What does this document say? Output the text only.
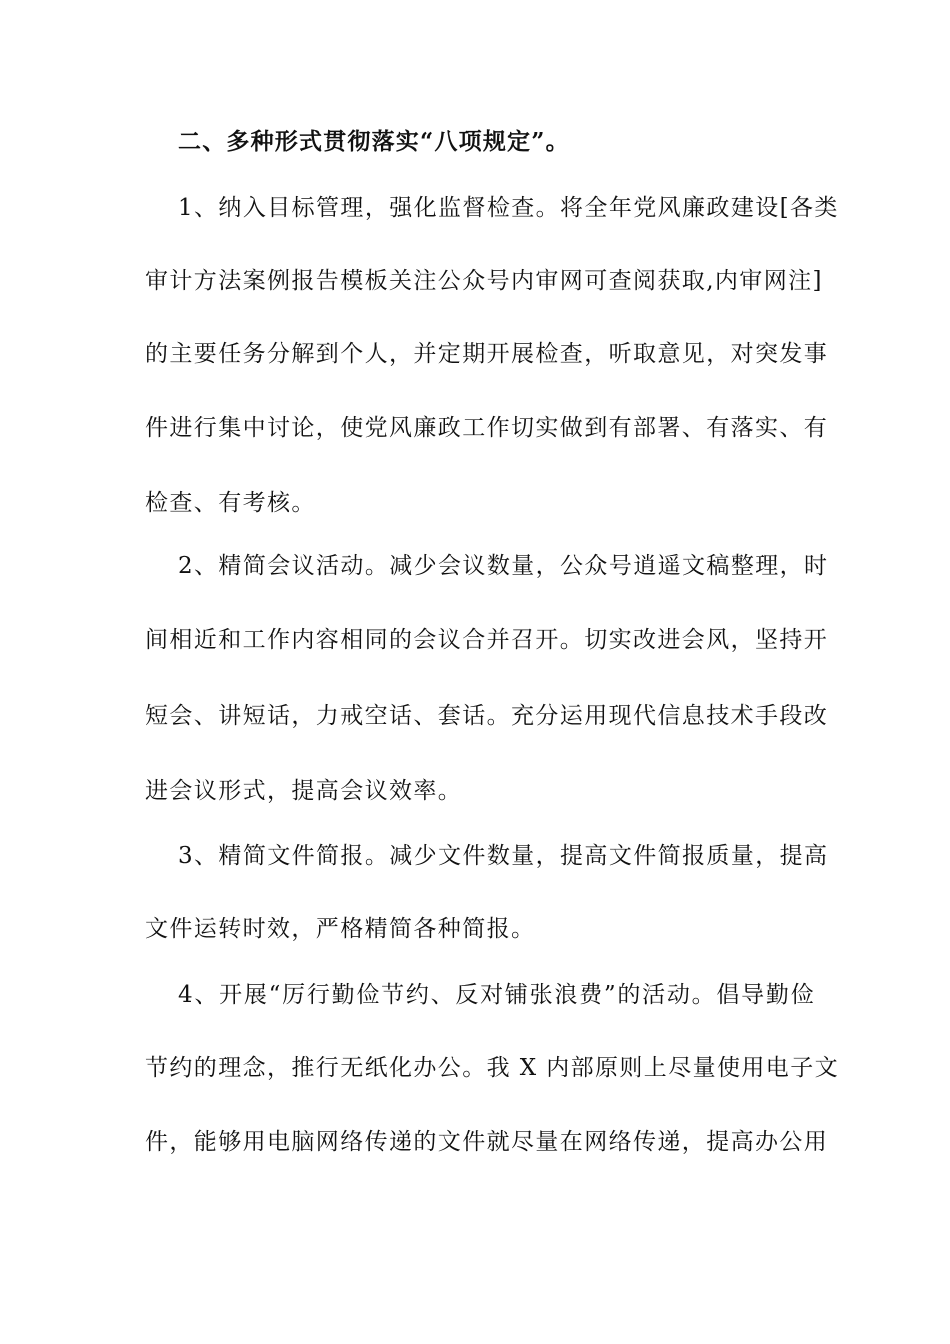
二、多种形式贯彻落实“八项规定”。
1、纳入目标管理，强化监督检查。将全年党风廉政建设[各类
审计方法案例报告模板关注公众号内审网可查阅获取,内审网注]
的主要任务分解到个人，并定期开展检查，听取意见，对突发事
件进行集中讨论，使党风廉政工作切实做到有部署、有落实、有
检查、有考核。
2、精简会议活动。减少会议数量，公众号逍遥文稿整理，时
间相近和工作内容相同的会议合并召开。切实改进会风，坚持开
短会、讲短话，力戒空话、套话。充分运用现代信息技术手段改
进会议形式，提高会议效率。
3、精简文件简报。减少文件数量，提高文件简报质量，提高
文件运转时效，严格精简各种简报。
4、开展“厉行勤俭节约、反对铺张浪费”的活动。倡导勤俭
节约的理念，推行无纸化办公。我 X 内部原则上尽量使用电子文
件，能够用电脑网络传递的文件就尽量在网络传递，提高办公用
